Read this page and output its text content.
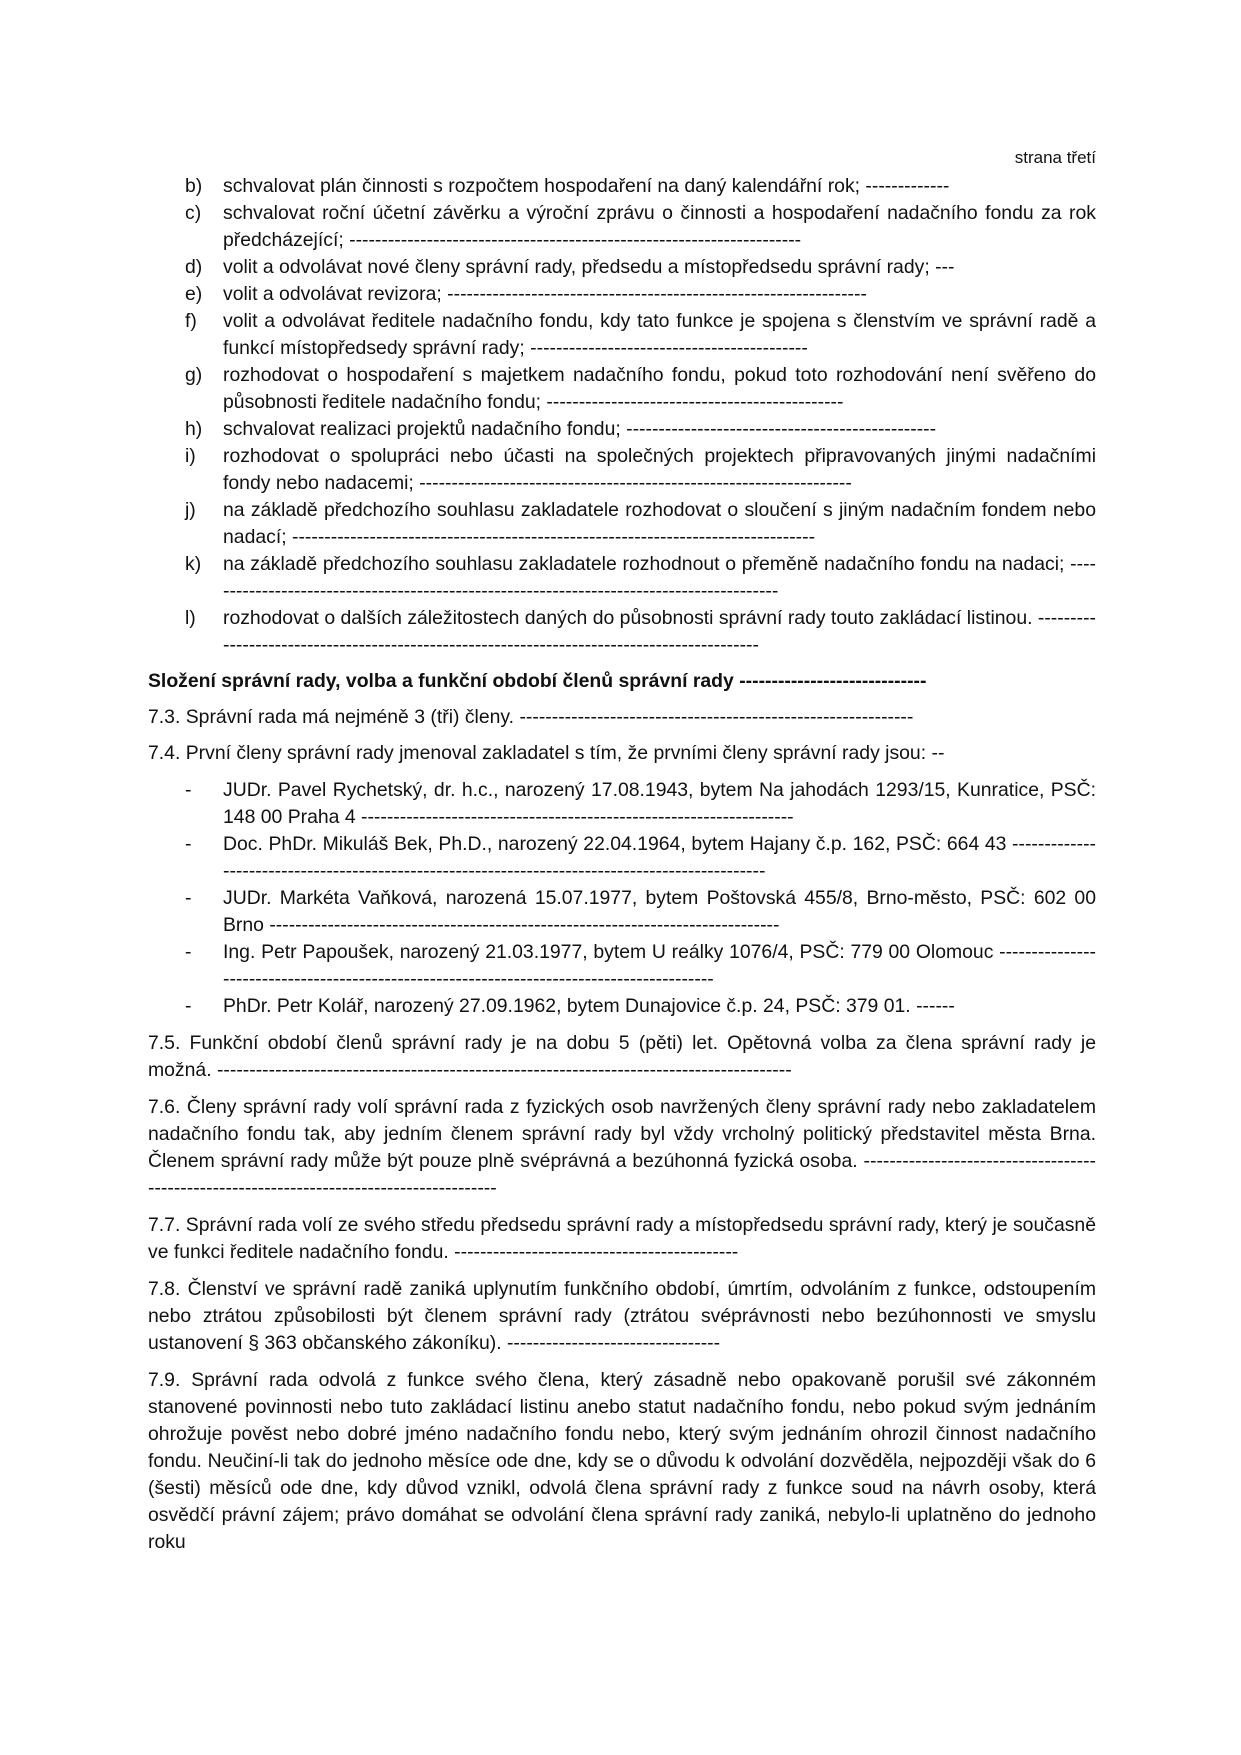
strana třetí
b) schvalovat plán činnosti s rozpočtem hospodaření na daný kalendářní rok; -------------
c) schvalovat roční účetní závěrku a výroční zprávu o činnosti a hospodaření nadačního fondu za rok předcházející; ----------------------------------------------------------------------
d) volit a odvolávat nové členy správní rady, předsedu a místopředsedu správní rady; ---
e) volit a odvolávat revizora; -----------------------------------------------------------------
f) volit a odvolávat ředitele nadačního fondu, kdy tato funkce je spojena s členstvím ve správní radě a funkcí místopředsedy správní rady; -------------------------------------------
g) rozhodovat o hospodaření s majetkem nadačního fondu, pokud toto rozhodování není svěřeno do působnosti ředitele nadačního fondu; ----------------------------------------------
h) schvalovat realizaci projektů nadačního fondu; ------------------------------------------------
i) rozhodovat o spolupráci nebo účasti na společných projektech připravovaných jinými nadačními fondy nebo nadacemi; -------------------------------------------------------------------
j) na základě předchozího souhlasu zakladatele rozhodovat o sloučení s jiným nadačním fondem nebo nadací; ---------------------------------------------------------------------------------
k) na základě předchozího souhlasu zakladatele rozhodnout o přeměně nadačního fondu na nadaci; ------------------------------------------------------------------------------------------
l) rozhodovat o dalších záležitostech daných do působnosti správní rady touto zakládací listinou. --------------------------------------------------------------------------------------------
Složení správní rady, volba a funkční období členů správní rady -----------------------------
7.3. Správní rada má nejméně 3 (tři) členy. -------------------------------------------------------------
7.4. První členy správní rady jmenoval zakladatel s tím, že prvními členy správní rady jsou: --
- JUDr. Pavel Rychetský, dr. h.c., narozený 17.08.1943, bytem Na jahodách 1293/15, Kunratice, PSČ: 148 00 Praha 4 -------------------------------------------------------------------
- Doc. PhDr. Mikuláš Bek, Ph.D., narozený 22.04.1964, bytem Hajany č.p. 162, PSČ: 664 43 -------------------------------------------------------------------------------------------------
- JUDr. Markéta Vaňková, narozená 15.07.1977, bytem Poštovská 455/8, Brno-město, PSČ: 602 00 Brno -------------------------------------------------------------------------------
- Ing. Petr Papoušek, narozený 21.03.1977, bytem U reálky 1076/4, PSČ: 779 00 Olomouc -------------------------------------------------------------------------------------------
- PhDr. Petr Kolář, narozený 27.09.1962, bytem Dunajovice č.p. 24, PSČ: 379 01. ------
7.5. Funkční období členů správní rady je na dobu 5 (pěti) let. Opětovná volba za člena správní rady je možná. -----------------------------------------------------------------------------------------
7.6. Členy správní rady volí správní rada z fyzických osob navržených členy správní rady nebo zakladatelem nadačního fondu tak, aby jedním členem správní rady byl vždy vrcholný politický představitel města Brna. Členem správní rady může být pouze plně svéprávná a bezúhonná fyzická osoba. ------------------------------------------------------------------------------------------
7.7. Správní rada volí ze svého středu předsedu správní rady a místopředsedu správní rady, který je současně ve funkci ředitele nadačního fondu. --------------------------------------------
7.8. Členství ve správní radě zaniká uplynutím funkčního období, úmrtím, odvoláním z funkce, odstoupením nebo ztrátou způsobilosti být členem správní rady (ztrátou svéprávnosti nebo bezúhonnosti ve smyslu ustanovení § 363 občanského zákoníku). ---------------------------------
7.9. Správní rada odvolá z funkce svého člena, který zásadně nebo opakovaně porušil své zákonném stanovené povinnosti nebo tuto zakládací listinu anebo statut nadačního fondu, nebo pokud svým jednáním ohrožuje pověst nebo dobré jméno nadačního fondu nebo, který svým jednáním ohrozil činnost nadačního fondu. Neučiní-li tak do jednoho měsíce ode dne, kdy se o důvodu k odvolání dozvěděla, nejpozději však do 6 (šesti) měsíců ode dne, kdy důvod vznikl, odvolá člena správní rady z funkce soud na návrh osoby, která osvědčí právní zájem; právo domáhat se odvolání člena správní rady zaniká, nebylo-li uplatněno do jednoho roku
